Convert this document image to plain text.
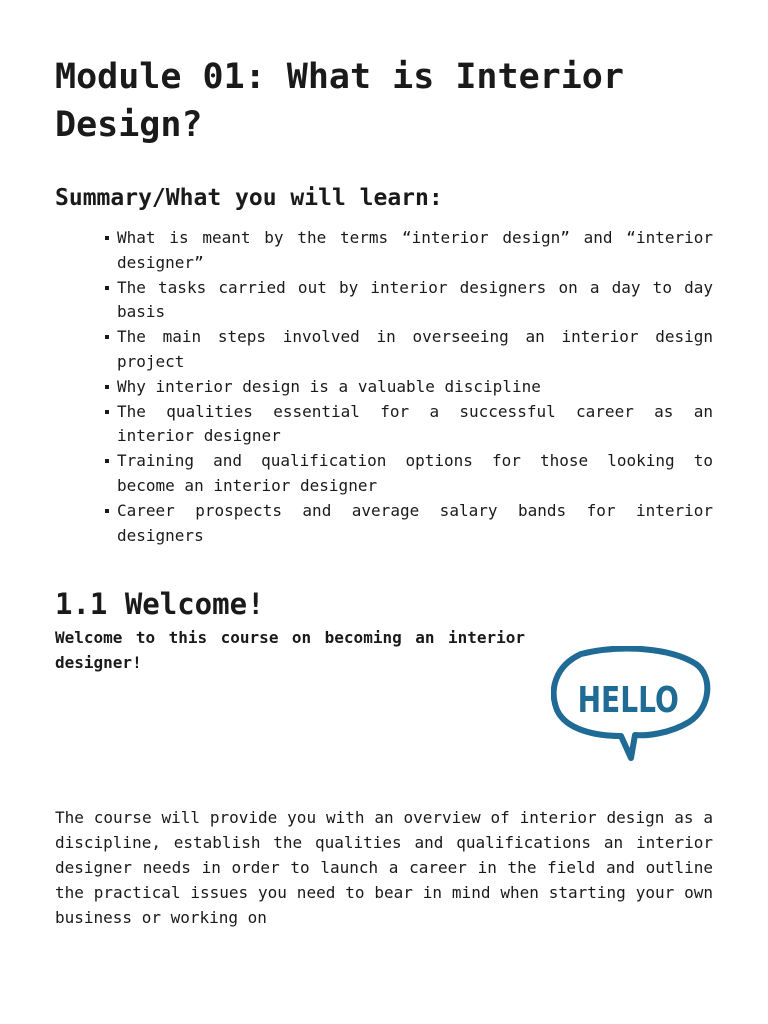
Module 01: What is Interior Design?
Summary/What you will learn:
What is meant by the terms “interior design” and “interior designer”
The tasks carried out by interior designers on a day to day basis
The main steps involved in overseeing an interior design project
Why interior design is a valuable discipline
The qualities essential for a successful career as an interior designer
Training and qualification options for those looking to become an interior designer
Career prospects and average salary bands for interior designers
1.1 Welcome!

Welcome to this course on becoming an interior designer!

HELLO

The course will provide you with an overview of interior design as a discipline, establish the qualities and qualifications an interior designer needs in order to launch a career in the field and outline the practical issues you need to bear in mind when starting your own business or working on
